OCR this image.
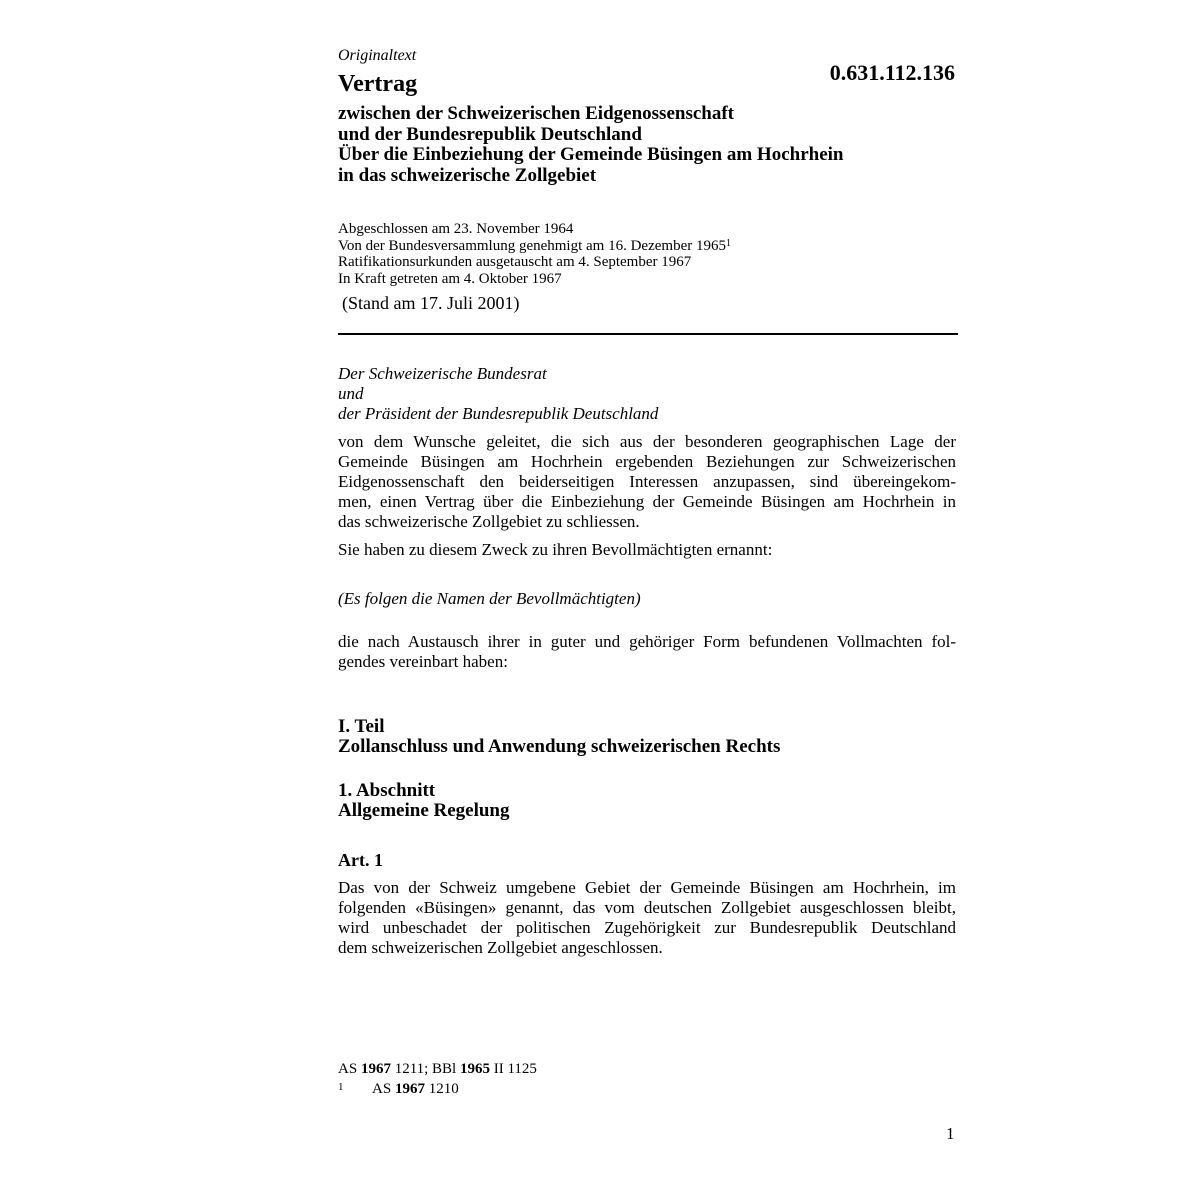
Originaltext
0.631.112.136
Vertrag
zwischen der Schweizerischen Eidgenossenschaft
und der Bundesrepublik Deutschland
Über die Einbeziehung der Gemeinde Büsingen am Hochrhein
in das schweizerische Zollgebiet
Abgeschlossen am 23. November 1964
Von der Bundesversammlung genehmigt am 16. Dezember 1965$^1$
Ratifikationsurkunden ausgetauscht am 4. September 1967
In Kraft getreten am 4. Oktober 1967
(Stand am 17. Juli 2001)
Der Schweizerische Bundesrat
und
der Präsident der Bundesrepublik Deutschland
von dem Wunsche geleitet, die sich aus der besonderen geographischen Lage der
Gemeinde Büsingen am Hochrhein ergebenden Beziehungen zur Schweizerischen
Eidgenossenschaft den beiderseitigen Interessen anzupassen, sind übereingekom-
men, einen Vertrag über die Einbeziehung der Gemeinde Büsingen am Hochrhein in
das schweizerische Zollgebiet zu schliessen.
Sie haben zu diesem Zweck zu ihren Bevollmächtigten ernannt:
(Es folgen die Namen der Bevollmächtigten)
die nach Austausch ihrer in guter und gehöriger Form befundenen Vollmachten fol-
gendes vereinbart haben:
I. Teil
Zollanschluss und Anwendung schweizerischen Rechts
1. Abschnitt
Allgemeine Regelung
Art. 1
Das von der Schweiz umgebene Gebiet der Gemeinde Büsingen am Hochrhein, im
folgenden «Büsingen» genannt, das vom deutschen Zollgebiet ausgeschlossen bleibt,
wird unbeschadet der politischen Zugehörigkeit zur Bundesrepublik Deutschland
dem schweizerischen Zollgebiet angeschlossen.
AS 1967 1211; BBl 1965 II 1125
1 AS 1967 1210
1
